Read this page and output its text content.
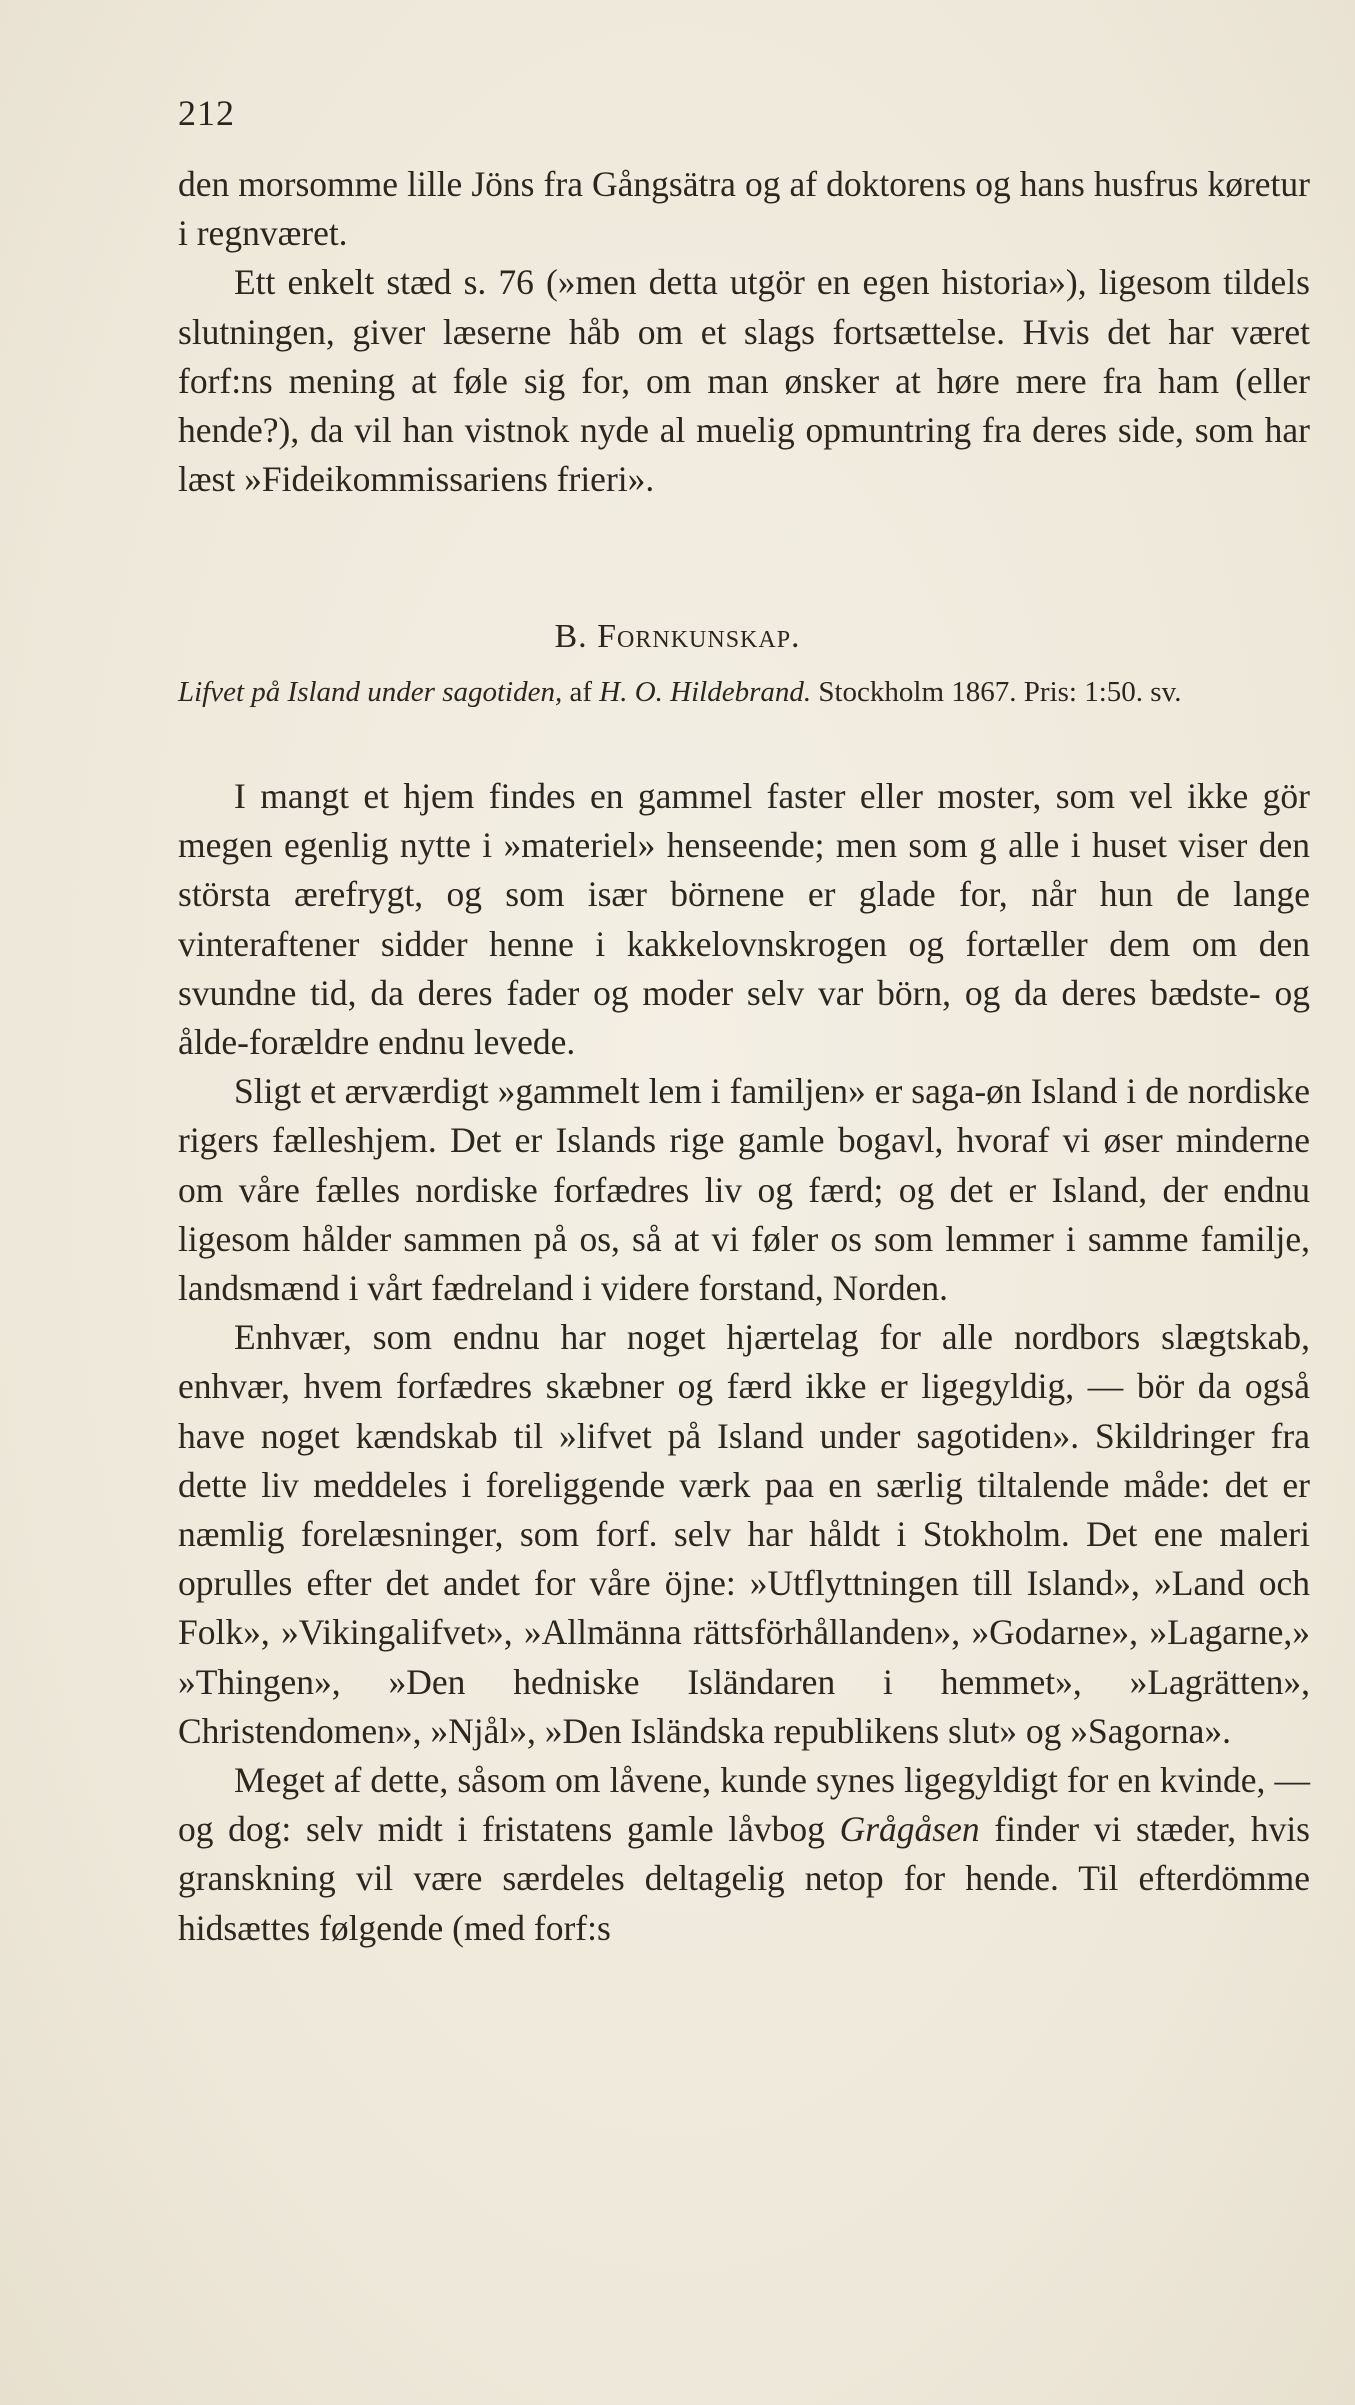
212

den morsomme lille Jöns fra Gångsätra og af doktorens og hans husfrus køretur i regnværet.

Ett enkelt stæd s. 76 (»men detta utgör en egen historia»), ligesom tildels slutningen, giver læserne håb om et slags fortsættelse. Hvis det har været forf:ns mening at føle sig for, om man ønsker at høre mere fra ham (eller hende?), da vil han vistnok nyde al muelig opmuntring fra deres side, som har læst »Fideikommissariens frieri».

B. Fornkunskap.
Lifvet på Island under sagotiden, af H. O. Hildebrand. Stockholm 1867. Pris: 1:50. sv.

I mangt et hjem findes en gammel faster eller moster, som vel ikke gör megen egenlig nytte i »materiel» henseende; men som g alle i huset viser den största ærefrygt, og som især börnene er glade for, når hun de lange vinteraftener sidder henne i kakkelovnskrogen og fortæller dem om den svundne tid, da deres fader og moder selv var börn, og da deres bædste- og ålde-forældre endnu levede.

Sligt et ærværdigt »gammelt lem i familjen» er saga-øn Island i de nordiske rigers fælleshjem. Det er Islands rige gamle bogavl, hvoraf vi øser minderne om våre fælles nordiske forfædres liv og færd; og det er Island, der endnu ligesom hålder sammen på os, så at vi føler os som lemmer i samme familje, landsmænd i vårt fædreland i videre forstand, Norden.

Enhvær, som endnu har noget hjærtelag for alle nordbors slægtskab, enhvær, hvem forfædres skæbner og færd ikke er ligegyldig, — bör da også have noget kændskab til »lifvet på Island under sagotiden». Skildringer fra dette liv meddeles i foreliggende værk paa en særlig tiltalende måde: det er næmlig forelæsninger, som forf. selv har håldt i Stokholm. Det ene maleri oprulles efter det andet for våre öjne: »Utflyttningen till Island», »Land och Folk», »Vikingalifvet», »Allmänna rättsförhållanden», »Godarne», »Lagarne,» »Thingen», »Den hedniske Isländaren i hemmet», »Lagrätten», Christendomen», »Njål», »Den Isländska republikens slut» og »Sagorna».

Meget af dette, såsom om låvene, kunde synes ligegyldigt for en kvinde, — og dog: selv midt i fristatens gamle låvbog Grågåsen finder vi stæder, hvis granskning vil være særdeles deltagelig netop for hende. Til efterdömme hidsættes følgende (med forf:s
